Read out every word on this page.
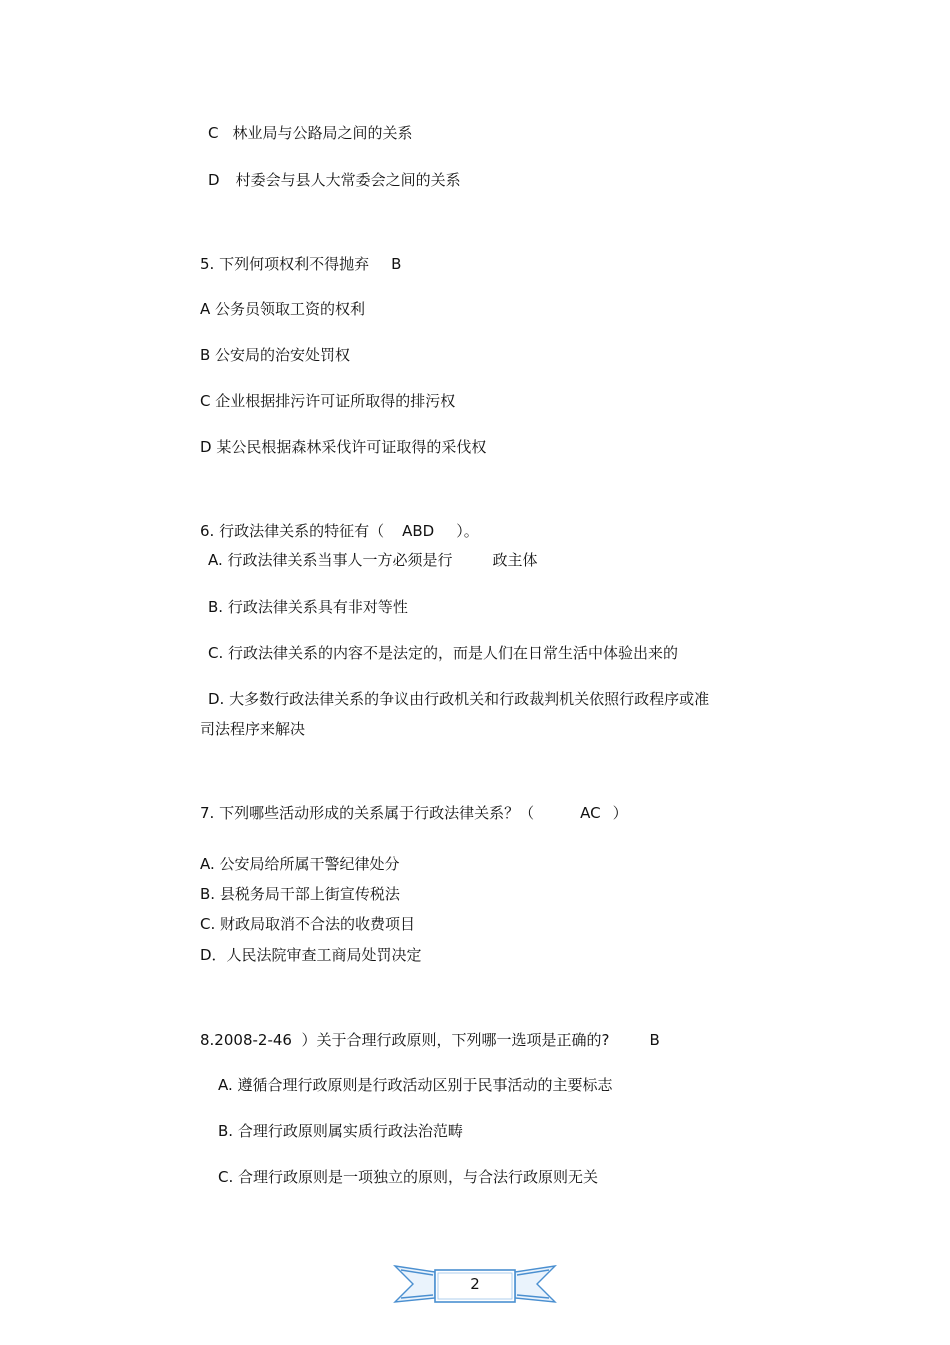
C 林业局与公路局之间的关系
D 村委会与县人大常委会之间的关系
5. 下列何项权利不得抛弃 B
A 公务员领取工资的权利
B 公安局的治安处罚权
C 企业根据排污许可证所取得的排污权
D 某公民根据森林采伐许可证取得的采伐权
6. 行政法律关系的特征有（ ABD ）。
A. 行政法律关系当事人一方必须是行	政主体
B. 行政法律关系具有非对等性
C. 行政法律关系的内容不是法定的，而是人们在日常生活中体验出来的
D. 大多数行政法律关系的争议由行政机关和行政裁判机关依照行政程序或准
司法程序来解决
7. 下列哪些活动形成的关系属于行政法律关系？（	AC ）
A. 公安局给所属干警纪律处分
B. 县税务局干部上街宣传税法
C. 财政局取消不合法的收费项目
D．人民法院审查工商局处罚决定
8.2008-2-46  ）关于合理行政原则，下列哪一选项是正确的?	B
A. 遵循合理行政原则是行政活动区别于民事活动的主要标志
B. 合理行政原则属实质行政法治范畴
C. 合理行政原则是一项独立的原则，与合法行政原则无关
2
